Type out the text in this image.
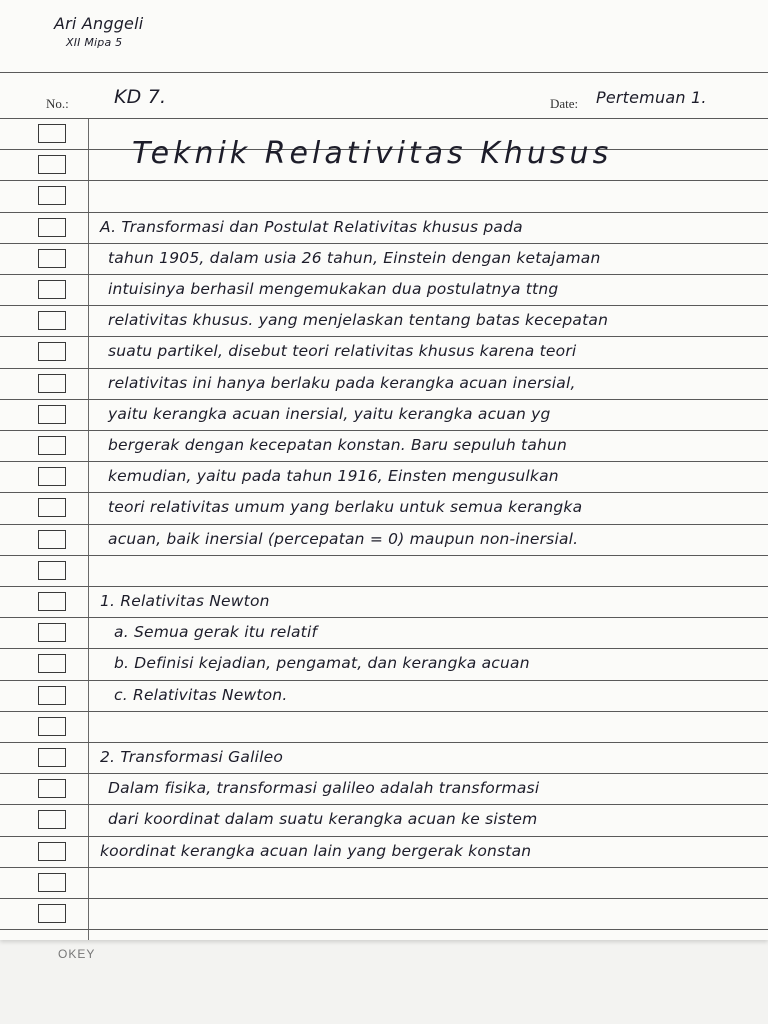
Ari Anggeli
XII Mipa 5
No.: KD 7.	Date: Pertemuan 1.
Teknik Relativitas Khusus
A. Transformasi dan Postulat Relativitas khusus pada
tahun 1905, dalam usia 26 tahun, Einstein dengan ketajaman
intuisinya berhasil mengemukakan dua postulatnya ttng
relativitas khusus. yang menjelaskan tentang batas kecepatan
suatu partikel, disebut teori relativitas khusus karena teori
relativitas ini hanya berlaku pada kerangka acuan inersial,
yaitu kerangka acuan inersial, yaitu kerangka acuan yg
bergerak dengan kecepatan konstan. Baru sepuluh tahun
kemudian, yaitu pada tahun 1916, Einsten mengusulkan
teori relativitas umum yang berlaku untuk semua kerangka
acuan, baik inersial (percepatan = 0) maupun non-inersial.
1. Relativitas Newton
a. Semua gerak itu relatif
b. Definisi kejadian, pengamat, dan kerangka acuan
c. Relativitas Newton.
2. Transformasi Galileo
Dalam fisika, transformasi galileo adalah transformasi
dari koordinat dalam suatu kerangka acuan ke sistem
koordinat kerangka acuan lain yang bergerak konstan
OKEY
